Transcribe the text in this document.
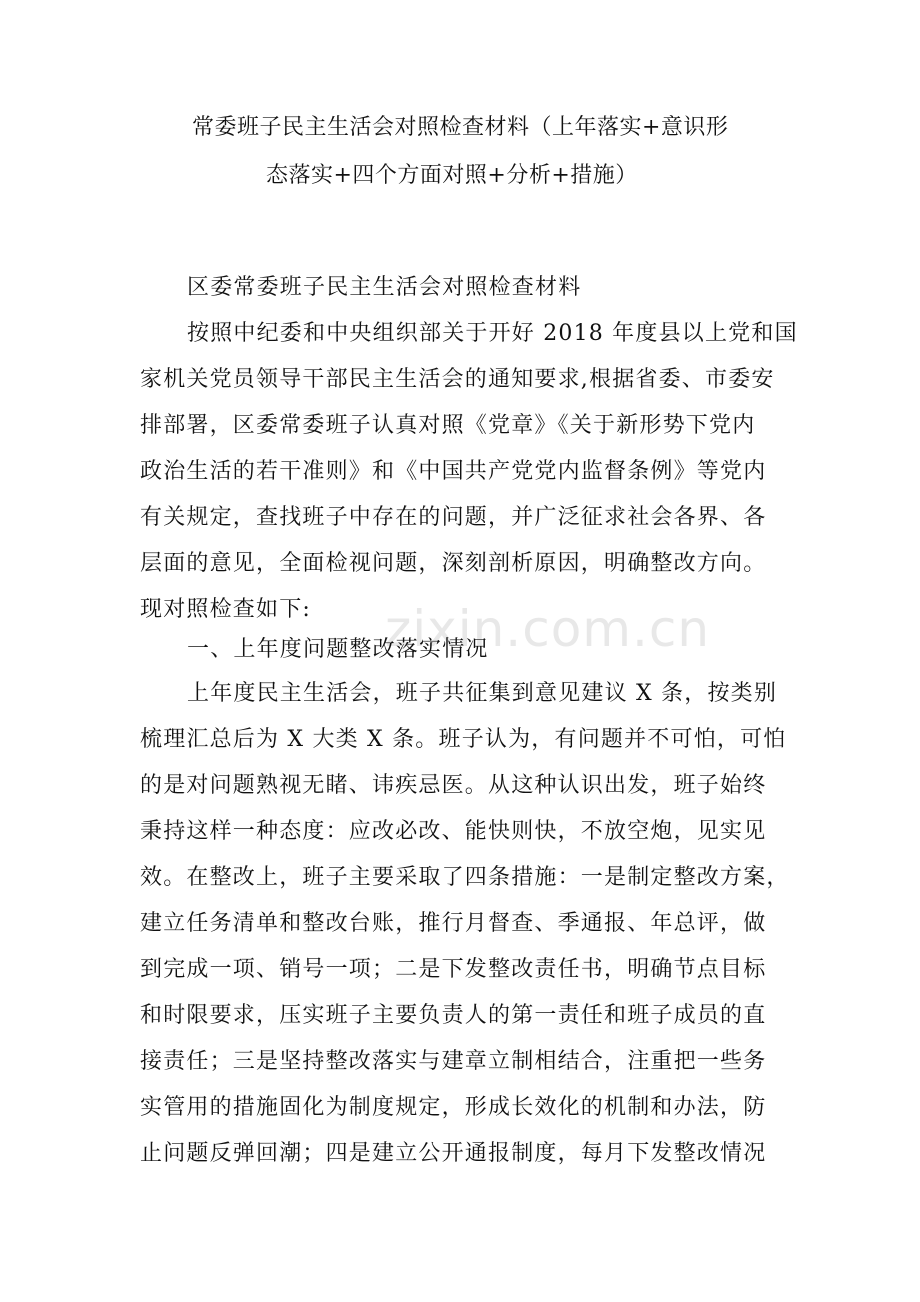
zixin.com.cn
常委班子民主生活会对照检查材料（上年落实+意识形
态落实+四个方面对照+分析+措施）
区委常委班子民主生活会对照检查材料
按照中纪委和中央组织部关于开好 2018 年度县以上党和国
家机关党员领导干部民主生活会的通知要求,根据省委、市委安
排部署，区委常委班子认真对照《党章》《关于新形势下党内
政治生活的若干准则》和《中国共产党党内监督条例》等党内
有关规定，查找班子中存在的问题，并广泛征求社会各界、各
层面的意见，全面检视问题，深刻剖析原因，明确整改方向。
现对照检查如下:
一、上年度问题整改落实情况
上年度民主生活会，班子共征集到意见建议 X 条，按类别
梳理汇总后为 X 大类 X 条。班子认为，有问题并不可怕，可怕
的是对问题熟视无睹、讳疾忌医。从这种认识出发，班子始终
秉持这样一种态度：应改必改、能快则快，不放空炮，见实见
效。在整改上，班子主要采取了四条措施：一是制定整改方案，
建立任务清单和整改台账，推行月督查、季通报、年总评，做
到完成一项、销号一项；二是下发整改责任书，明确节点目标
和时限要求，压实班子主要负责人的第一责任和班子成员的直
接责任；三是坚持整改落实与建章立制相结合，注重把一些务
实管用的措施固化为制度规定，形成长效化的机制和办法，防
止问题反弹回潮；四是建立公开通报制度，每月下发整改情况
